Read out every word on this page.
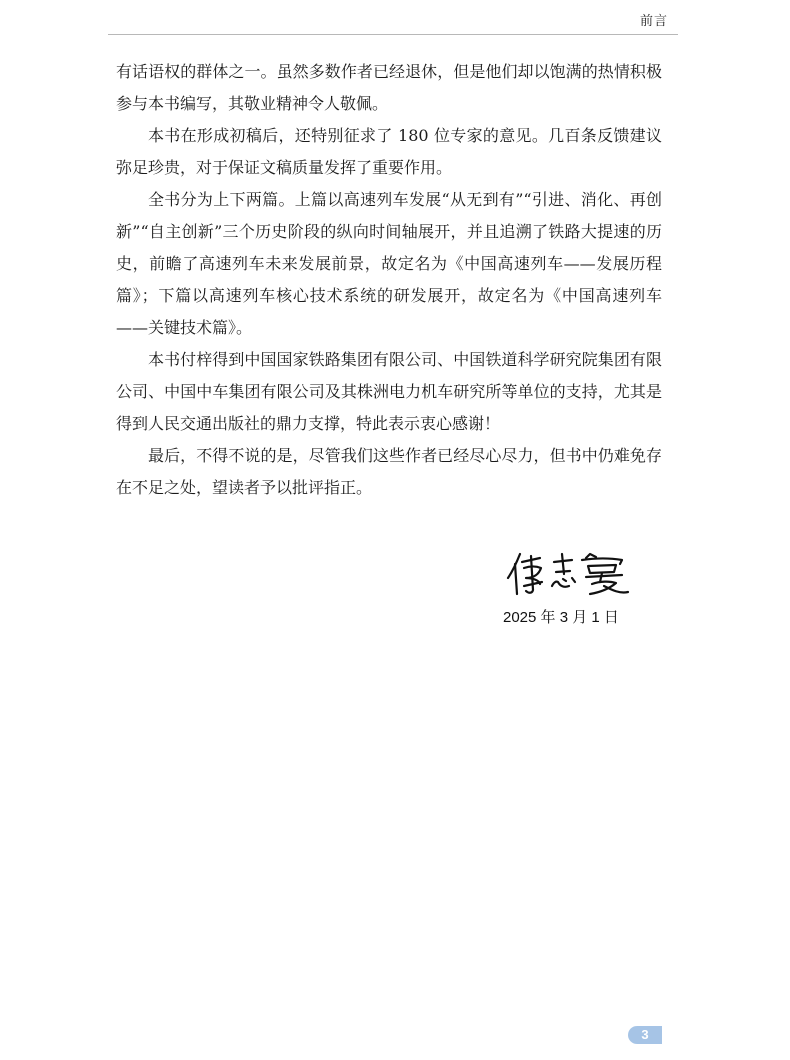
前言

有话语权的群体之一。虽然多数作者已经退休，但是他们却以饱满的热情积极参与本书编写，其敬业精神令人敬佩。

本书在形成初稿后，还特别征求了 180 位专家的意见。几百条反馈建议弥足珍贵，对于保证文稿质量发挥了重要作用。

全书分为上下两篇。上篇以高速列车发展“从无到有”“引进、消化、再创新”“自主创新”三个历史阶段的纵向时间轴展开，并且追溯了铁路大提速的历史，前瞻了高速列车未来发展前景，故定名为《中国高速列车——发展历程篇》；下篇以高速列车核心技术系统的研发展开，故定名为《中国高速列车——关键技术篇》。

本书付梓得到中国国家铁路集团有限公司、中国铁道科学研究院集团有限公司、中国中车集团有限公司及其株洲电力机车研究所等单位的支持，尤其是得到人民交通出版社的鼎力支撑，特此表示衷心感谢！

最后，不得不说的是，尽管我们这些作者已经尽心尽力，但书中仍难免存在不足之处，望读者予以批评指正。

2025 年 3 月 1 日
3
